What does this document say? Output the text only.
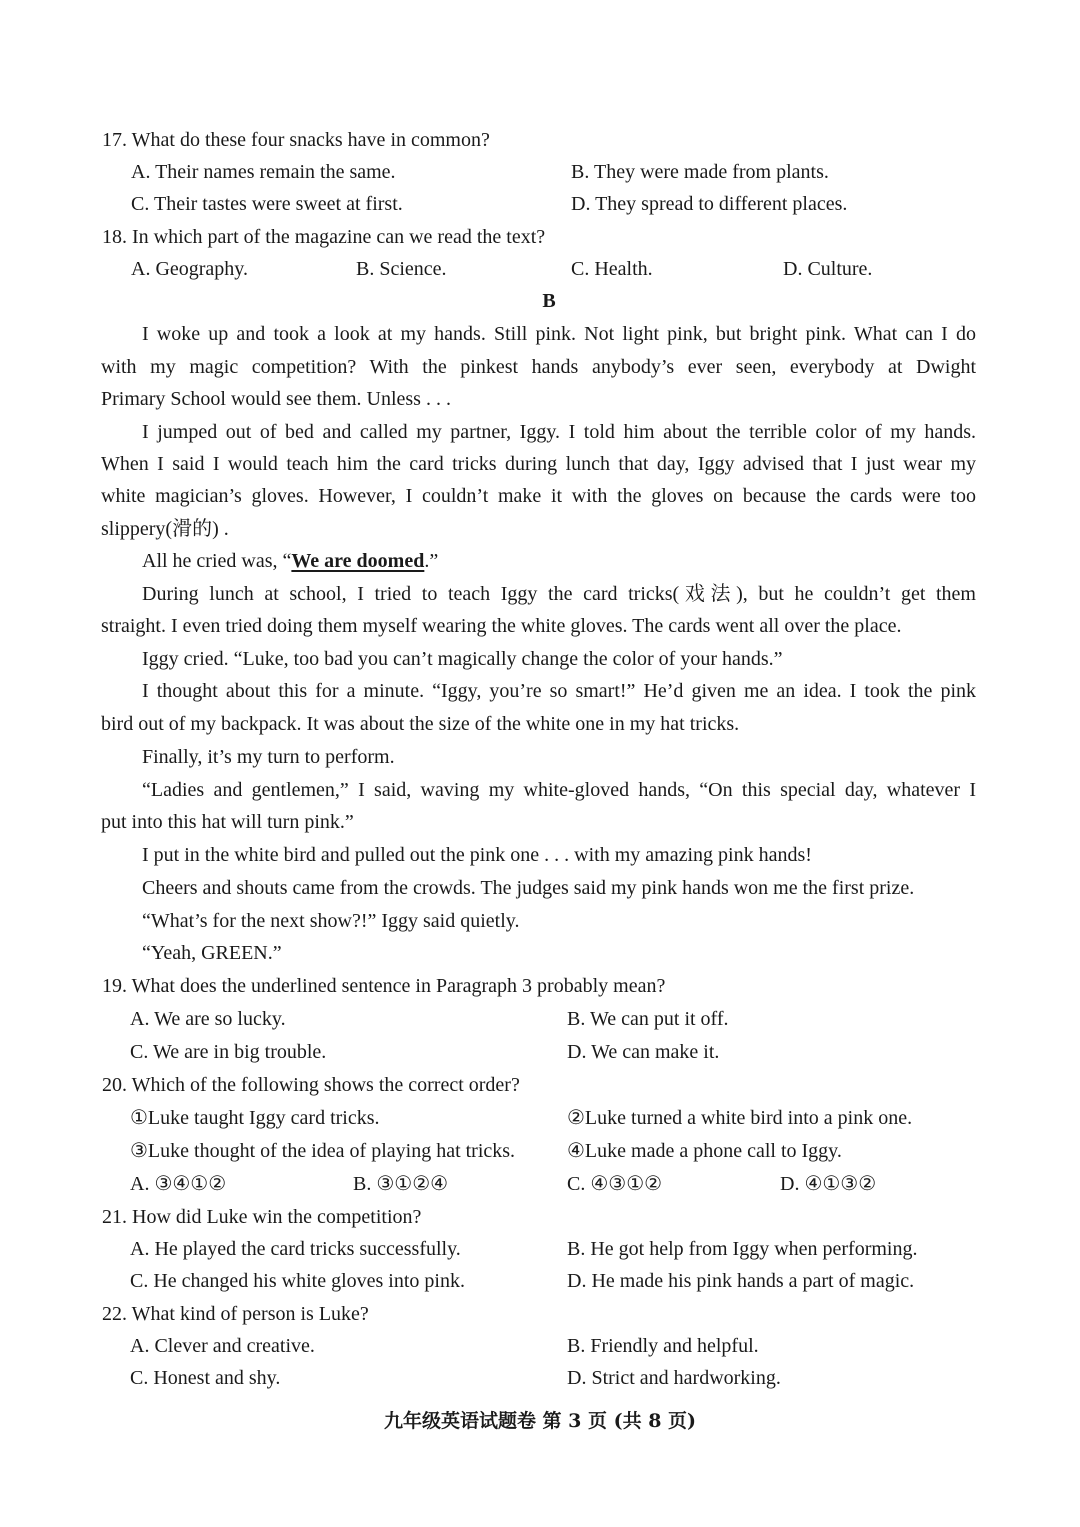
17. What do these four snacks have in common?
A. Their names remain the same.	B. They were made from plants.
C. Their tastes were sweet at first.	D. They spread to different places.
18. In which part of the magazine can we read the text?
A. Geography.	B. Science.	C. Health.	D. Culture.
B
I woke up and took a look at my hands. Still pink. Not light pink, but bright pink. What can I do
with my magic competition? With the pinkest hands anybody’s ever seen, everybody at Dwight
Primary School would see them. Unless . . .
I jumped out of bed and called my partner, Iggy. I told him about the terrible color of my hands.
When I said I would teach him the card tricks during lunch that day, Iggy advised that I just wear my
white magician’s gloves. However, I couldn’t make it with the gloves on because the cards were too
slippery(滑的) .
All he cried was, “We are doomed.”
During lunch at school, I tried to teach Iggy the card tricks(戏法), but he couldn’t get them
straight. I even tried doing them myself wearing the white gloves. The cards went all over the place.
Iggy cried. “Luke, too bad you can’t magically change the color of your hands.”
I thought about this for a minute. “Iggy, you’re so smart!” He’d given me an idea. I took the pink
bird out of my backpack. It was about the size of the white one in my hat tricks.
Finally, it’s my turn to perform.
“Ladies and gentlemen,” I said, waving my white-gloved hands, “On this special day, whatever I
put into this hat will turn pink.”
I put in the white bird and pulled out the pink one . . . with my amazing pink hands!
Cheers and shouts came from the crowds. The judges said my pink hands won me the first prize.
“What’s for the next show?!” Iggy said quietly.
“Yeah, GREEN.”
19. What does the underlined sentence in Paragraph 3 probably mean?
A. We are so lucky.	B. We can put it off.
C. We are in big trouble.	D. We can make it.
20. Which of the following shows the correct order?
①Luke taught Iggy card tricks.	②Luke turned a white bird into a pink one.
③Luke thought of the idea of playing hat tricks.	④Luke made a phone call to Iggy.
A. ③④①②	B. ③①②④	C. ④③①②	D. ④①③②
21. How did Luke win the competition?
A. He played the card tricks successfully.	B. He got help from Iggy when performing.
C. He changed his white gloves into pink.	D. He made his pink hands a part of magic.
22. What kind of person is Luke?
A. Clever and creative.	B. Friendly and helpful.
C. Honest and shy.	D. Strict and hardworking.
九年级英语试题卷 第 3 页 (共 8 页)
